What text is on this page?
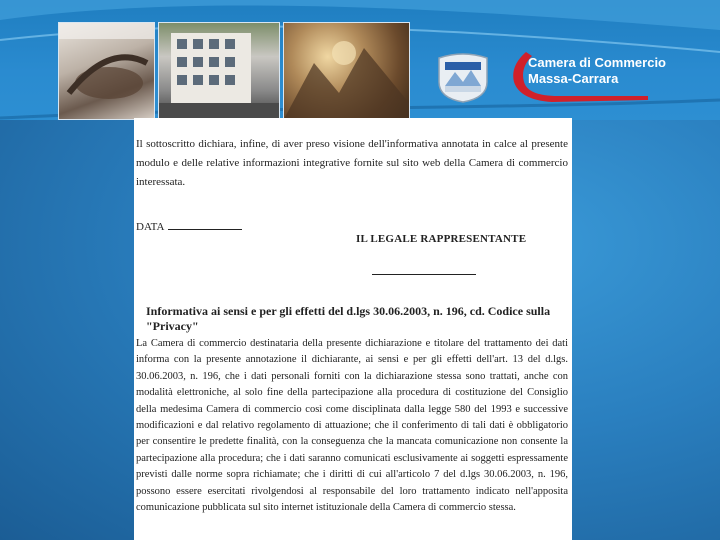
Camera di Commercio
Massa-Carrara
Il sottoscritto dichiara, infine, di aver preso visione dell'informativa annotata in calce al presente modulo e delle relative informazioni integrative fornite sul sito web della Camera di commercio interessata.
DATA
IL LEGALE RAPPRESENTANTE
Informativa ai sensi e per gli effetti del d.lgs 30.06.2003, n. 196, cd. Codice sulla "Privacy"
La Camera di commercio destinataria della presente dichiarazione e titolare del trattamento dei dati informa con la presente annotazione il dichiarante, ai sensi e per gli effetti dell'art. 13 del d.lgs. 30.06.2003, n. 196, che i dati personali forniti con la dichiarazione stessa sono trattati, anche con modalità elettroniche, al solo fine della partecipazione alla procedura di costituzione del Consiglio della medesima Camera di commercio così come disciplinata dalla legge 580 del 1993 e successive modificazioni e dal relativo regolamento di attuazione; che il conferimento di tali dati è obbligatorio per consentire le predette finalità, con la conseguenza che la mancata comunicazione non consente la partecipazione alla procedura; che i dati saranno comunicati esclusivamente ai soggetti espressamente previsti dalle norme sopra richiamate; che i diritti di cui all'articolo 7 del d.lgs 30.06.2003, n. 196, possono essere esercitati rivolgendosi al responsabile del loro trattamento indicato nell'apposita comunicazione pubblicata sul sito internet istituzionale della Camera di commercio stessa.
